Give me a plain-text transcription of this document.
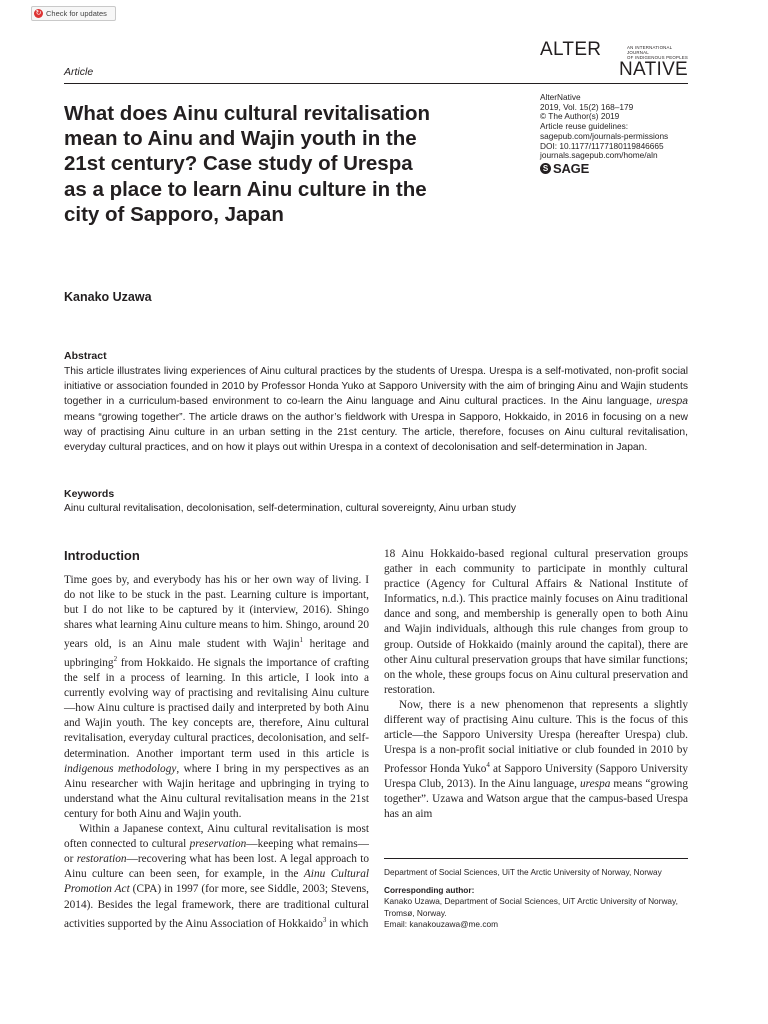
↻ Check for updates
ALTER	AN INTERNATIONAL JOURNAL
OF INDIGENOUS PEOPLES
NATIVE
Article
What does Ainu cultural revitalisation mean to Ainu and Wajin youth in the 21st century? Case study of Urespa as a place to learn Ainu culture in the city of Sapporo, Japan
AlterNative
2019, Vol. 15(2) 168–179
© The Author(s) 2019
Article reuse guidelines:
sagepub.com/journals-permissions
DOI: 10.1177/1177180119846665
journals.sagepub.com/home/aln
S SAGE
Kanako Uzawa
Abstract
This article illustrates living experiences of Ainu cultural practices by the students of Urespa. Urespa is a self-motivated, non-profit social initiative or association founded in 2010 by Professor Honda Yuko at Sapporo University with the aim of bringing Ainu and Wajin students together in a curriculum-based environment to co-learn the Ainu language and Ainu cultural practices. In the Ainu language, urespa means “growing together”. The article draws on the author’s fieldwork with Urespa in Sapporo, Hokkaido, in 2016 in focusing on a new way of practising Ainu culture in an urban setting in the 21st century. The article, therefore, focuses on Ainu cultural revitalisation, everyday cultural practices, and on how it plays out within Urespa in a context of decolonisation and self-determination in Japan.
Keywords
Ainu cultural revitalisation, decolonisation, self-determination, cultural sovereignty, Ainu urban study
Introduction

Time goes by, and everybody has his or her own way of living. I do not like to be stuck in the past. Learning culture is important, but I do not like to be captured by it (interview, 2016). Shingo shares what learning Ainu culture means to him. Shingo, around 20 years old, is an Ainu male student with Wajin$^1$ heritage and upbringing$^2$ from Hokkaido. He signals the importance of crafting the self in a process of learning. In this article, I look into a currently evolving way of practising and revitalising Ainu culture—how Ainu culture is practised daily and interpreted by both Ainu and Wajin youth. The key concepts are, therefore, Ainu cultural revitalisation, everyday cultural practices, decolonisation, and self-determination. Another important term used in this article is indigenous methodology, where I bring in my perspectives as an Ainu researcher with Wajin heritage and upbringing in trying to understand what the Ainu cultural revitalisation means in the 21st century for both Ainu and Wajin youth.

Within a Japanese context, Ainu cultural revitalisation is most often connected to cultural preservation—keeping what remains—or restoration—recovering what has been lost. A legal approach to Ainu culture can been seen, for example, in the Ainu Cultural Promotion Act (CPA) in 1997 (for more, see Siddle, 2003; Stevens, 2014). Besides the legal framework, there are traditional cultural activities supported by the Ainu Association of Hokkaido$^3$ in which

18 Ainu Hokkaido-based regional cultural preservation groups gather in each community to participate in monthly cultural practice (Agency for Cultural Affairs & National Institute of Informatics, n.d.). This practice mainly focuses on Ainu traditional dance and song, and membership is generally open to both Ainu and Wajin individuals, although this rule changes from group to group. Outside of Hokkaido (mainly around the capital), there are other Ainu cultural preservation groups that have similar functions; on the whole, these groups focus on Ainu cultural preservation and restoration.

Now, there is a new phenomenon that represents a slightly different way of practising Ainu culture. This is the focus of this article—the Sapporo University Urespa (hereafter Urespa) club. Urespa is a non-profit social initiative or club founded in 2010 by Professor Honda Yuko$^4$ at Sapporo University (Sapporo University Urespa Club, 2013). In the Ainu language, urespa means “growing together”. Uzawa and Watson argue that the campus-based Urespa has an aim

Department of Social Sciences, UiT the Arctic University of Norway, Norway
Corresponding author:
Kanako Uzawa, Department of Social Sciences, UiT Arctic University of Norway, Tromsø, Norway.
Email: kanakouzawa@me.com
